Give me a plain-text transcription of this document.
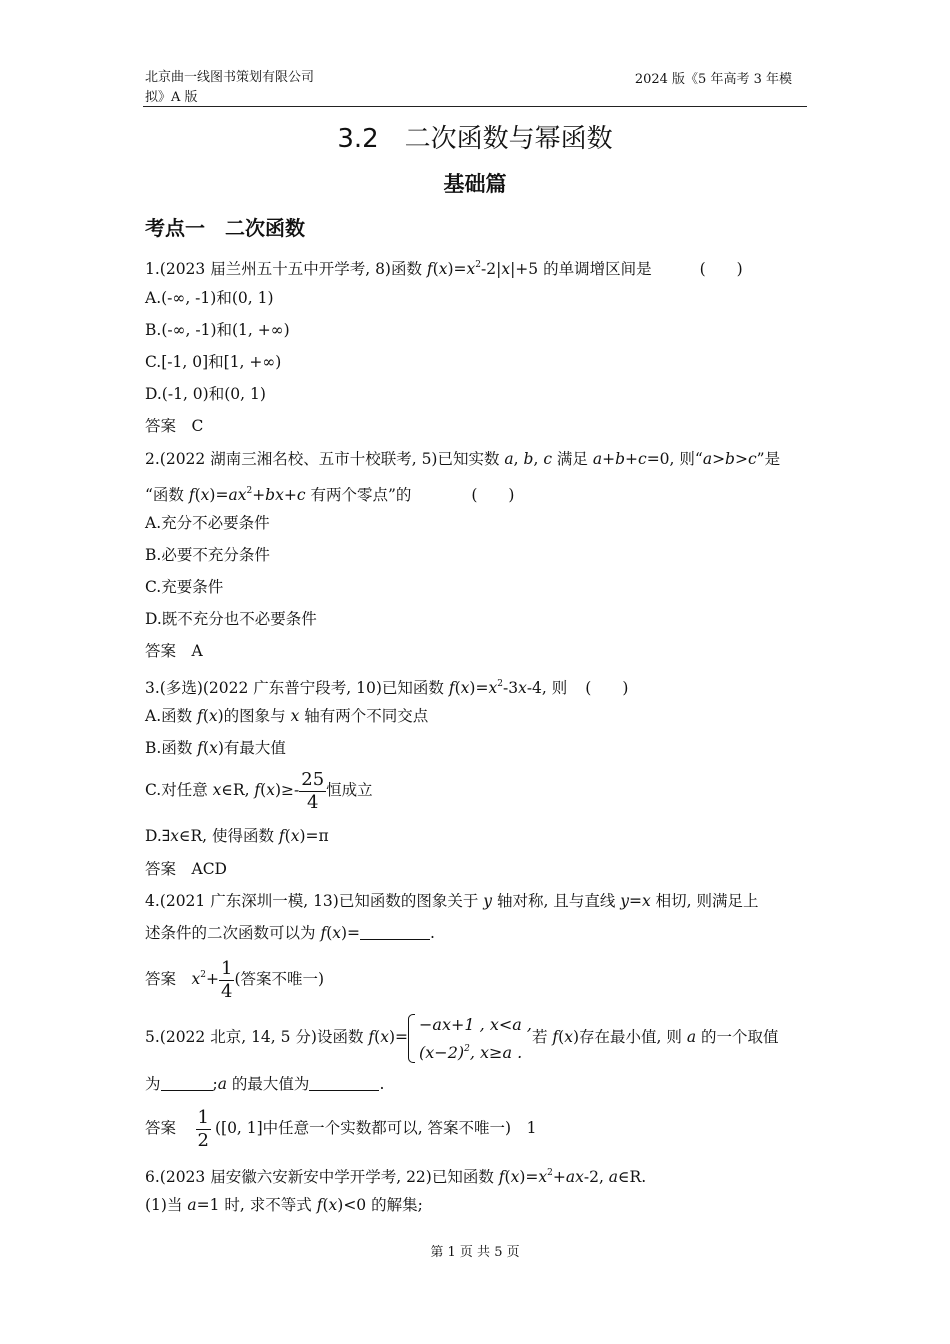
北京曲一线图书策划有限公司
拟》A 版
2024 版《5 年高考 3 年模
3.2　二次函数与幂函数
基础篇
考点一　二次函数
1.(2023 届兰州五十五中开学考, 8)函数 $f(x)=x^2-2|x|+5$ 的单调增区间是	(　　)
A.(-∞, -1)和(0, 1)
B.(-∞, -1)和(1, +∞)
C.[-1, 0]和[1, +∞)
D.(-1, 0)和(0, 1)
答案　C
2.(2022 湖南三湘名校、五市十校联考, 5)已知实数 a, b, c 满足 a+b+c=0, 则“a>b>c”是
“函数 $f(x)=ax^2+bx+c$ 有两个零点”的	(　　)
A.充分不必要条件
B.必要不充分条件
C.充要条件
D.既不充分也不必要条件
答案　A
3.(多选)(2022 广东普宁段考, 10)已知函数 $f(x)=x^2-3x-4$, 则 (　　)
A.函数 f(x)的图象与 x 轴有两个不同交点
B.函数 f(x)有最大值
C.对任意 x∈R, $f(x)\ge- \frac{25}{4}$ 恒成立
D.∃x∈R, 使得函数 f(x)=π
答案　ACD
4.(2021 广东深圳一模, 13)已知函数的图象关于 y 轴对称, 且与直线 y=x 相切, 则满足上
述条件的二次函数可以为 f(x)=	.
答案　$x^2+ \frac{1}{4}$ (答案不唯一)
5.(2022 北京, 14, 5 分)设函数 f(x)=
−ax+1 , x<a ,
$(x-2)^2$, x≥a .
若 f(x)存在最小值, 则 a 的一个取值
为	;a 的最大值为	.
答案　 $\frac{1}{2} ([0$, 1]中任意一个实数都可以, 答案不唯一)　1
6.(2023 届安徽六安新安中学开学考, 22)已知函数 $f(x)=x^2+ax-2$, a∈R.
(1)当 a=1 时, 求不等式 f(x)<0 的解集;
第 1 页 共 5 页
